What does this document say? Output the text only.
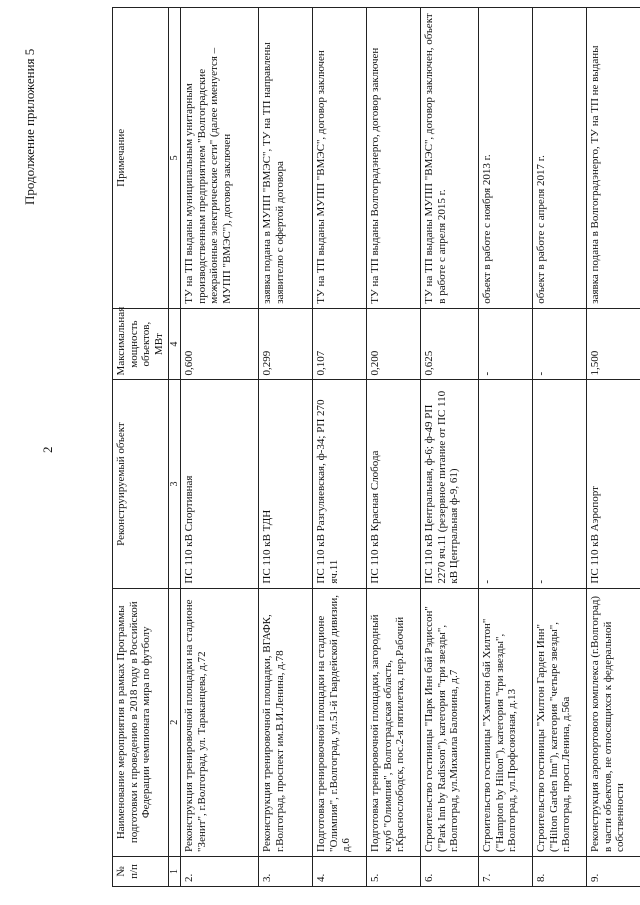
2
Продолжение приложения 5
№ п/п	Наименование мероприятия в рамках Программы подготовки к проведению в 2018 году в Российской Федерации чемпионата мира по футболу	Реконструируемый объект	Максимальная мощность объектов, МВт	Примечание
1	2	3	4	5
2.	Реконструкция тренировочной площадки на стадионе "Зенит", г.Волгоград, ул. Тараканцева, д.72	ПС 110 кВ Спортивная	0,600	ТУ на ТП выданы муниципальным унитарным производственным предприятием "Волгоградские межрайонные электрические сети" (далее именуется – МУПП "ВМЭС"), договор заключен
3.	Реконструкция тренировочной площадки, ВГАФК, г.Волгоград, проспект им.В.И.Ленина, д.78	ПС 110 кВ ТДН	0,299	заявка подана в МУПП "ВМЭС", ТУ на ТП направлены заявителю с офертой договора
4.	Подготовка тренировочной площадки на стадионе "Олимпия", г.Волгоград, ул.51-й Гвардейской дивизии, д.6	ПС 110 кВ Разгуляевская, ф-34; РП 270 яч.11	0,107	ТУ на ТП выданы МУПП "ВМЭС", договор заключен
5.	Подготовка тренировочной площадки, загородный клуб "Олимпия", Волгоградская область, г.Краснослободск, пос.2-я пятилетка, пер.Рабочий	ПС 110 кВ Красная Слобода	0,200	ТУ на ТП выданы Волгоградэнерго, договор заключен
6.	Строительство гостиницы "Парк Инн бай Рэдиссон" ("Park Inn by Radisson"), категория "три звезды", г.Волгоград, ул.Михаила Балонина, д.7	ПС 110 кВ Центральная, ф-6; ф-49 РП 2270 яч.11 (резервное питание от ПС 110 кВ Центральная ф-9, 61)	0,625	ТУ на ТП выданы МУПП "ВМЭС", договор заключен, объект в работе с апреля 2015 г.
7.	Строительство гостиницы "Хэмптон бай Хилтон" ("Hampton by Hilton"), категория "три звезды", г.Волгоград, ул.Профсоюзная, д.13	-	-	объект в работе с ноября 2013 г.
8.	Строительство гостиницы "Хилтон Гарден Инн" ("Hilton Garden Inn"), категория "четыре звезды", г.Волгоград, просп.Ленина, д.56а	-	-	объект в работе с апреля 2017 г.
9.	Реконструкция аэропортового комплекса (г.Волгоград) в части объектов, не относящихся к федеральной собственности	ПС 110 кВ Аэропорт	1,500	заявка подана в Волгоградэнерго, ТУ на ТП не выданы
